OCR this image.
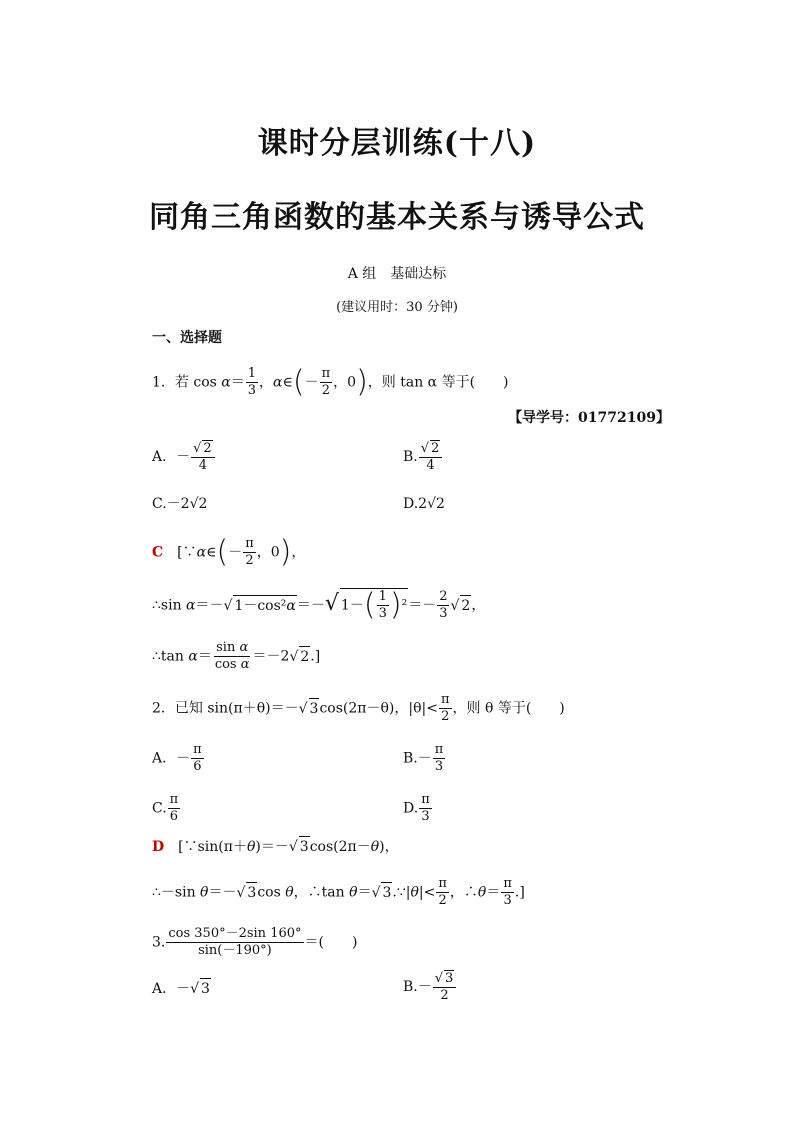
课时分层训练(十八)
同角三角函数的基本关系与诱导公式
A 组　基础达标
(建议用时：30 分钟)
一、选择题
1．若 $\cos \alpha= \frac{1}{3}$ ，α∈(－ $\frac{\pi}{2}$ ，0)，则 tan α 等于(　　)
【导学号：01772109】
A．－
√ $\frac{2}{4}$	B.
√ $\frac{2}{4}$
C.－2√2	D.2√2
C　[∵α∈(－ $\frac{\pi}{2}$ ，0)，
∴sin α＝－√ 1－cos²α＝－√ $1-( \frac{1}{3} )^2=- \frac{2}{3}$
√ 2，
∴tan $\alpha= \frac{\text{sin α}}{\text{cos α}} =-2√$ 2.]
2．已知 sin(π＋θ)＝－√ 3cos(2π－θ)，$|\theta|< \frac{\pi}{2}$ ，则 θ 等于(　　)
A．－ $\frac{\pi}{6}$	$B.- \frac{\pi}{3}$
C. $\frac{\pi}{6}$	D. $\frac{\pi}{3}$
D　[∵sin(π＋θ)＝－√ 3cos(2π－θ)，
∴－sin θ＝－√ 3cos θ，∴tan θ＝√ 3.∵|θ|< $\frac{\pi}{2}$ ，∴θ＝ $\frac{\pi}{3}$ .]
3. $\frac{\cos 350^\circ-2\sin 160^\circ}{\sin(-190^\circ)}$ ＝(　　)
A．－√ 3	B.－
√ $\frac{3}{2}$
